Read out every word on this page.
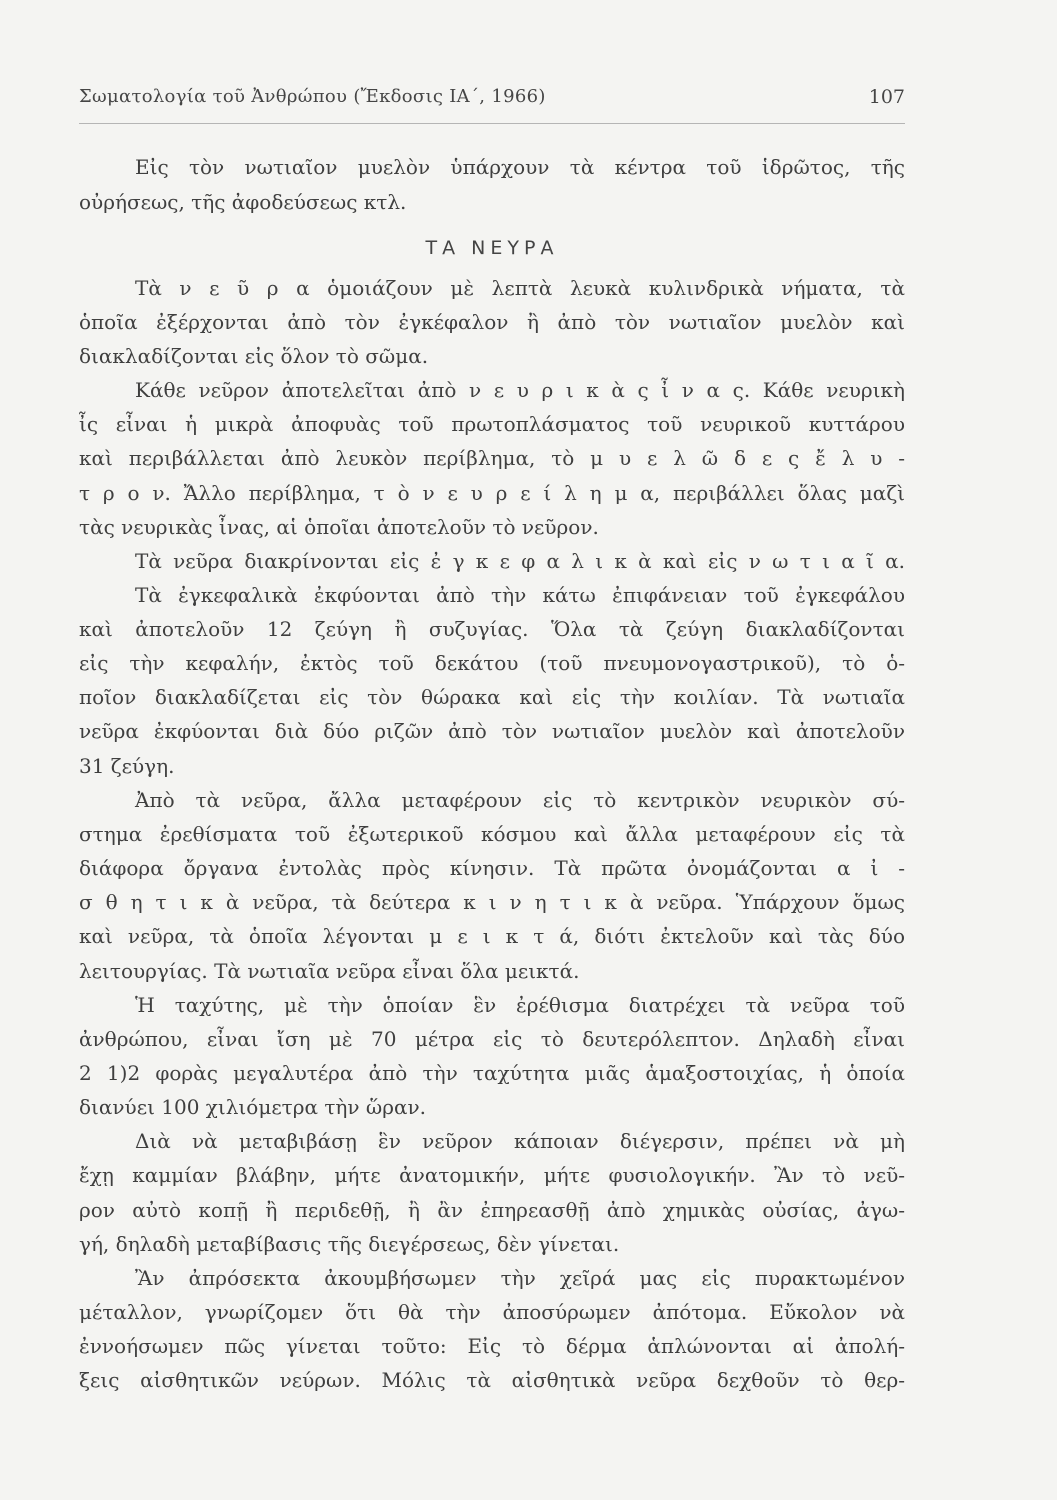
Σωματολογία τοῦ Ἀνθρώπου (Ἔκδοσις ΙΑ΄, 1966)	107
Εἰς τὸν νωτιαῖον μυελὸν ὑπάρχουν τὰ κέντρα τοῦ ἱδρῶτος, τῆς
οὐρήσεως, τῆς ἀφοδεύσεως κτλ.
ΤΑ ΝΕΥΡΑ
Τὰ ν ε ῦ ρ α ὁμοιάζουν μὲ λεπτὰ λευκὰ κυλινδρικὰ νήματα, τὰ
ὁποῖα ἐξέρχονται ἀπὸ τὸν ἐγκέφαλον ἢ ἀπὸ τὸν νωτιαῖον μυελὸν καὶ
διακλαδίζονται εἰς ὅλον τὸ σῶμα.
Κάθε νεῦρον ἀποτελεῖται ἀπὸ ν ε υ ρ ι κ ὰ ς ἶ ν α ς. Κάθε νευρικὴ
ἶς εἶναι ἡ μικρὰ ἀποφυὰς τοῦ πρωτοπλάσματος τοῦ νευρικοῦ κυττάρου
καὶ περιβάλλεται ἀπὸ λευκὸν περίβλημα, τὸ μ υ ε λ ῶ δ ε ς ἔ λ υ -
τ ρ ο ν. Ἄλλο περίβλημα, τ ὸ ν ε υ ρ ε ί λ η μ α, περιβάλλει ὅλας μαζὶ
τὰς νευρικὰς ἶνας, αἱ ὁποῖαι ἀποτελοῦν τὸ νεῦρον.
Τὰ νεῦρα διακρίνονται εἰς ἐ γ κ ε φ α λ ι κ ὰ καὶ εἰς ν ω τ ι α ῖ α.
Τὰ ἐγκεφαλικὰ ἐκφύονται ἀπὸ τὴν κάτω ἐπιφάνειαν τοῦ ἐγκεφάλου
καὶ ἀποτελοῦν 12 ζεύγη ἢ συζυγίας. Ὅλα τὰ ζεύγη διακλαδίζονται
εἰς τὴν κεφαλήν, ἐκτὸς τοῦ δεκάτου (τοῦ πνευμονογαστρικοῦ), τὸ ὁ-
ποῖον διακλαδίζεται εἰς τὸν θώρακα καὶ εἰς τὴν κοιλίαν. Τὰ νωτιαῖα
νεῦρα ἐκφύονται διὰ δύο ριζῶν ἀπὸ τὸν νωτιαῖον μυελὸν καὶ ἀποτελοῦν
31 ζεύγη.
Ἀπὸ τὰ νεῦρα, ἄλλα μεταφέρουν εἰς τὸ κεντρικὸν νευρικὸν σύ-
στημα ἐρεθίσματα τοῦ ἐξωτερικοῦ κόσμου καὶ ἄλλα μεταφέρουν εἰς τὰ
διάφορα ὄργανα ἐντολὰς πρὸς κίνησιν. Τὰ πρῶτα ὀνομάζονται α ἰ -
σ θ η τ ι κ ὰ νεῦρα, τὰ δεύτερα κ ι ν η τ ι κ ὰ νεῦρα. Ὑπάρχουν ὅμως
καὶ νεῦρα, τὰ ὁποῖα λέγονται μ ε ι κ τ ά, διότι ἐκτελοῦν καὶ τὰς δύο
λειτουργίας. Τὰ νωτιαῖα νεῦρα εἶναι ὅλα μεικτά.
Ἡ ταχύτης, μὲ τὴν ὁποίαν ἓν ἐρέθισμα διατρέχει τὰ νεῦρα τοῦ
ἀνθρώπου, εἶναι ἴση μὲ 70 μέτρα εἰς τὸ δευτερόλεπτον. Δηλαδὴ εἶναι
2 1)2 φορὰς μεγαλυτέρα ἀπὸ τὴν ταχύτητα μιᾶς ἁμαξοστοιχίας, ἡ ὁποία
διανύει 100 χιλιόμετρα τὴν ὥραν.
Διὰ νὰ μεταβιβάσῃ ἓν νεῦρον κάποιαν διέγερσιν, πρέπει νὰ μὴ
ἔχῃ καμμίαν βλάβην, μήτε ἀνατομικήν, μήτε φυσιολογικήν. Ἂν τὸ νεῦ-
ρον αὐτὸ κοπῇ ἢ περιδεθῇ, ἢ ἂν ἐπηρεασθῇ ἀπὸ χημικὰς οὐσίας, ἀγω-
γή, δηλαδὴ μεταβίβασις τῆς διεγέρσεως, δὲν γίνεται.
Ἂν ἀπρόσεκτα ἀκουμβήσωμεν τὴν χεῖρά μας εἰς πυρακτωμένον
μέταλλον, γνωρίζομεν ὅτι θὰ τὴν ἀποσύρωμεν ἀπότομα. Εὔκολον νὰ
ἐννοήσωμεν πῶς γίνεται τοῦτο: Εἰς τὸ δέρμα ἁπλώνονται αἱ ἀπολή-
ξεις αἰσθητικῶν νεύρων. Μόλις τὰ αἰσθητικὰ νεῦρα δεχθοῦν τὸ θερ-
